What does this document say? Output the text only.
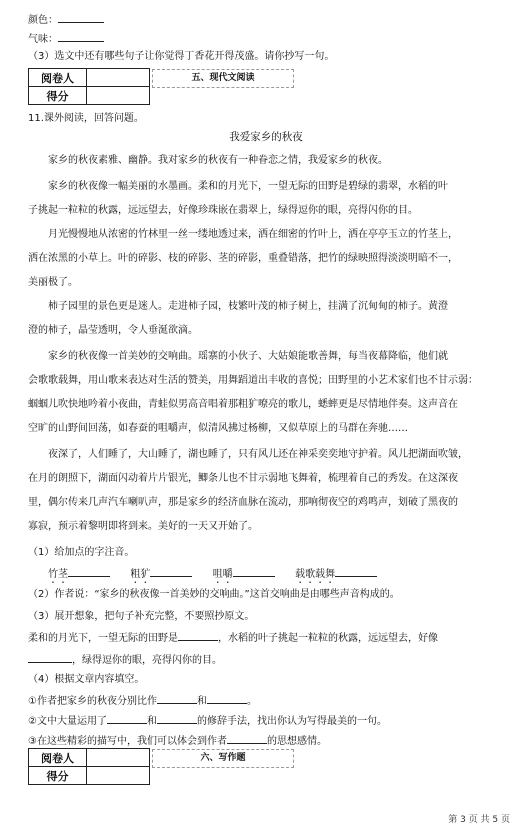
颜色：
气味：
（3）选文中还有哪些句子让你觉得丁香花开得茂盛。请你抄写一句。
阅卷人	
得分	
五、现代文阅读
11.课外阅读，回答问题。
我爱家乡的秋夜
家乡的秋夜素雅、幽静。我对家乡的秋夜有一种眷恋之情，我爱家乡的秋夜。
家乡的秋夜像一幅美丽的水墨画。柔和的月光下，一望无际的田野是碧绿的翡翠，水稻的叶
子挑起一粒粒的秋露，远远望去，好像珍珠嵌在翡翠上，绿得逗你的眼，亮得闪你的目。
月光慢慢地从浓密的竹林里一丝一缕地透过来，洒在细密的竹叶上，洒在亭亭玉立的竹茎上，
洒在浓黑的小草上。叶的碎影、枝的碎影、茎的碎影，重叠错落，把竹的绿映照得淡淡明暗不一，
美丽极了。
柿子园里的景色更是迷人。走进柿子园，枝繁叶茂的柿子树上，挂满了沉甸甸的柿子。黄澄
澄的柿子，晶莹透明，令人垂涎欲滴。
家乡的秋夜像一首美妙的交响曲。瑶寨的小伙子、大姑娘能歌善舞，每当夜幕降临，他们就
会歌歌载舞，用山歌来表达对生活的赞美，用舞蹈道出丰收的喜悦；田野里的小艺术家们也不甘示弱：
蝈蝈儿吹快地吟着小夜曲，青蛙似男高音唱着那粗犷嘹亮的歌儿，蟋蟀更是尽情地伴奏。这声音在
空旷的山野间回荡，如春蚕的咀嚼声，似清风拂过杨柳，又似草原上的马群在奔驰……
夜深了，人们睡了，大山睡了，湖也睡了，只有风儿还在神采奕奕地守护着。风儿把湖面吹皱，
在月的朗照下，湖面闪动着片片银光，鲫条儿也不甘示弱地飞舞着，梳理着自己的秀发。在这深夜
里，偶尔传来几声汽车喇叭声，那是家乡的经济血脉在流动，那响彻夜空的鸡鸣声，划破了黑夜的
寡寂，预示着黎明即将到来。美好的一天又开始了。
（1）给加点的字注音。
竹茎	粗犷	咀嚼	载歌载舞
（2）作者说：“家乡的秋夜像一首美妙的交响曲。”这首交响曲是由哪些声音构成的。
（3）展开想象，把句子补充完整，不要照抄原文。
柔和的月光下，一望无际的田野是	，水稻的叶子挑起一粒粒的秋露，远远望去，好像
，绿得逗你的眼，亮得闪你的目。
（4）根据文章内容填空。
①作者把家乡的秋夜分别比作	和	。
②文中大量运用了	和	的修辞手法，找出你认为写得最美的一句。
③在这些精彩的描写中，我们可以体会到作者	的思想感情。
阅卷人	
得分	
六、写作题
第 3 页 共 5 页
